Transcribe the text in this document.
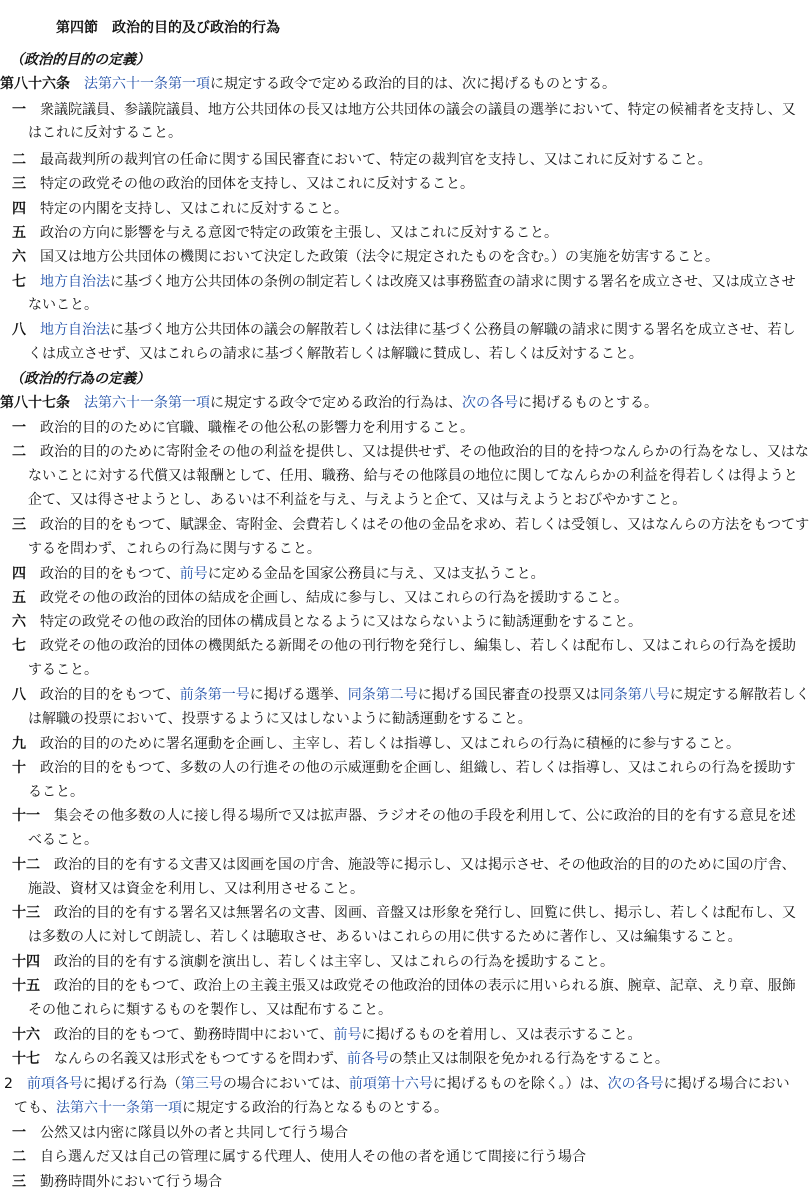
第四節　政治的目的及び政治的行為
（政治的目的の定義）
（政治的行為の定義）
第八十六条　 法第六十一条第一項に規定する政令で定める政治的目的は、次に掲げるものとする。
一　衆議院議員、参議院議員、地方公共団体の長又は地方公共団体の議会の議員の選挙において、特定の候補者を支持し、又
はこれに反対すること。
二　最高裁判所の裁判官の任命に関する国民審査において、特定の裁判官を支持し、又はこれに反対すること。
三　特定の政党その他の政治的団体を支持し、又はこれに反対すること。
四　特定の内閣を支持し、又はこれに反対すること。
五　政治の方向に影響を与える意図で特定の政策を主張し、又はこれに反対すること。
六　国又は地方公共団体の機関において決定した政策（法令に規定されたものを含む。）の実施を妨害すること。
七　 地方自治法に基づく地方公共団体の条例の制定若しくは改廃又は事務監査の請求に関する署名を成立させ、又は成立させ
ないこと。
八　 地方自治法に基づく地方公共団体の議会の解散若しくは法律に基づく公務員の解職の請求に関する署名を成立させ、若し
くは成立させず、又はこれらの請求に基づく解散若しくは解職に賛成し、若しくは反対すること。
第八十七条　 法第六十一条第一項に規定する政令で定める政治的行為は、次の各号に掲げるものとする。
一　政治的目的のために官職、職権その他公私の影響力を利用すること。
二　政治的目的のために寄附金その他の利益を提供し、又は提供せず、その他政治的目的を持つなんらかの行為をなし、又はな
ないことに対する代償又は報酬として、任用、職務、給与その他隊員の地位に関してなんらかの利益を得若しくは得ようと
企て、又は得させようとし、あるいは不利益を与え、与えようと企て、又は与えようとおびやかすこと。
三　政治的目的をもつて、賦課金、寄附金、会費若しくはその他の金品を求め、若しくは受領し、又はなんらの方法をもつてす
するを問わず、これらの行為に関与すること。
四　政治的目的をもつて、前号に定める金品を国家公務員に与え、又は支払うこと。
五　政党その他の政治的団体の結成を企画し、結成に参与し、又はこれらの行為を援助すること。
六　特定の政党その他の政治的団体の構成員となるように又はならないように勧誘運動をすること。
七　政党その他の政治的団体の機関紙たる新聞その他の刊行物を発行し、編集し、若しくは配布し、又はこれらの行為を援助
すること。
八　政治的目的をもつて、前条第一号に掲げる選挙、同条第二号に掲げる国民審査の投票又は同条第八号に規定する解散若しく
は解職の投票において、投票するように又はしないように勧誘運動をすること。
九　政治的目的のために署名運動を企画し、主宰し、若しくは指導し、又はこれらの行為に積極的に参与すること。
十　政治的目的をもつて、多数の人の行進その他の示威運動を企画し、組織し、若しくは指導し、又はこれらの行為を援助す
ること。
十一　集会その他多数の人に接し得る場所で又は拡声器、ラジオその他の手段を利用して、公に政治的目的を有する意見を述
べること。
十二　政治的目的を有する文書又は図画を国の庁舎、施設等に掲示し、又は掲示させ、その他政治的目的のために国の庁舎、
施設、資材又は資金を利用し、又は利用させること。
十三　政治的目的を有する署名又は無署名の文書、図画、音盤又は形象を発行し、回覧に供し、掲示し、若しくは配布し、又
は多数の人に対して朗読し、若しくは聴取させ、あるいはこれらの用に供するために著作し、又は編集すること。
十四　政治的目的を有する演劇を演出し、若しくは主宰し、又はこれらの行為を援助すること。
十五　政治的目的をもつて、政治上の主義主張又は政党その他政治的団体の表示に用いられる旗、腕章、記章、えり章、服飾
その他これらに類するものを製作し、又は配布すること。
十六　政治的目的をもつて、勤務時間中において、前号に掲げるものを着用し、又は表示すること。
十七　なんらの名義又は形式をもつてするを問わず、前各号の禁止又は制限を免かれる行為をすること。
2　 前項各号に掲げる行為（第三号の場合においては、前項第十六号に掲げるものを除く。）は、次の各号に掲げる場合におい
ても、法第六十一条第一項に規定する政治的行為となるものとする。
一　公然又は内密に隊員以外の者と共同して行う場合
二　自ら選んだ又は自己の管理に属する代理人、使用人その他の者を通じて間接に行う場合
三　勤務時間外において行う場合
